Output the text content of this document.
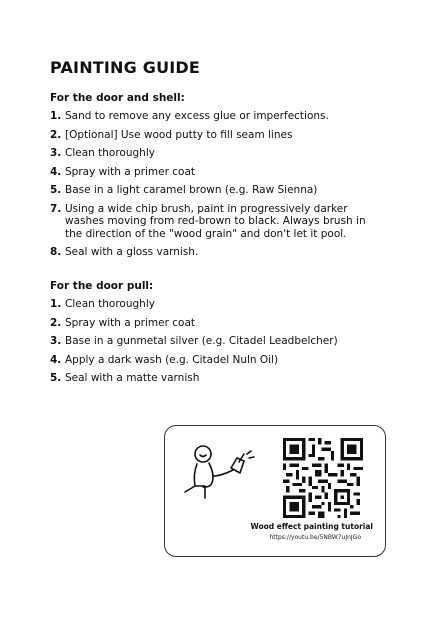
PAINTING GUIDE
For the door and shell:
1. Sand to remove any excess glue or imperfections.
2. [Optional] Use wood putty to fill seam lines
3. Clean thoroughly
4. Spray with a primer coat
5. Base in a light caramel brown (e.g. Raw Sienna)
7. Using a wide chip brush, paint in progressively darker washes moving from red-brown to black. Always brush in the direction of the "wood grain" and don't let it pool.
8. Seal with a gloss varnish.
For the door pull:
1. Clean thoroughly
2. Spray with a primer coat
3. Base in a gunmetal silver (e.g. Citadel Leadbelcher)
4. Apply a dark wash (e.g. Citadel Nuln Oil)
5. Seal with a matte varnish
Wood effect painting tutorial
https://youtu.be/5NBW7uJnJGo
